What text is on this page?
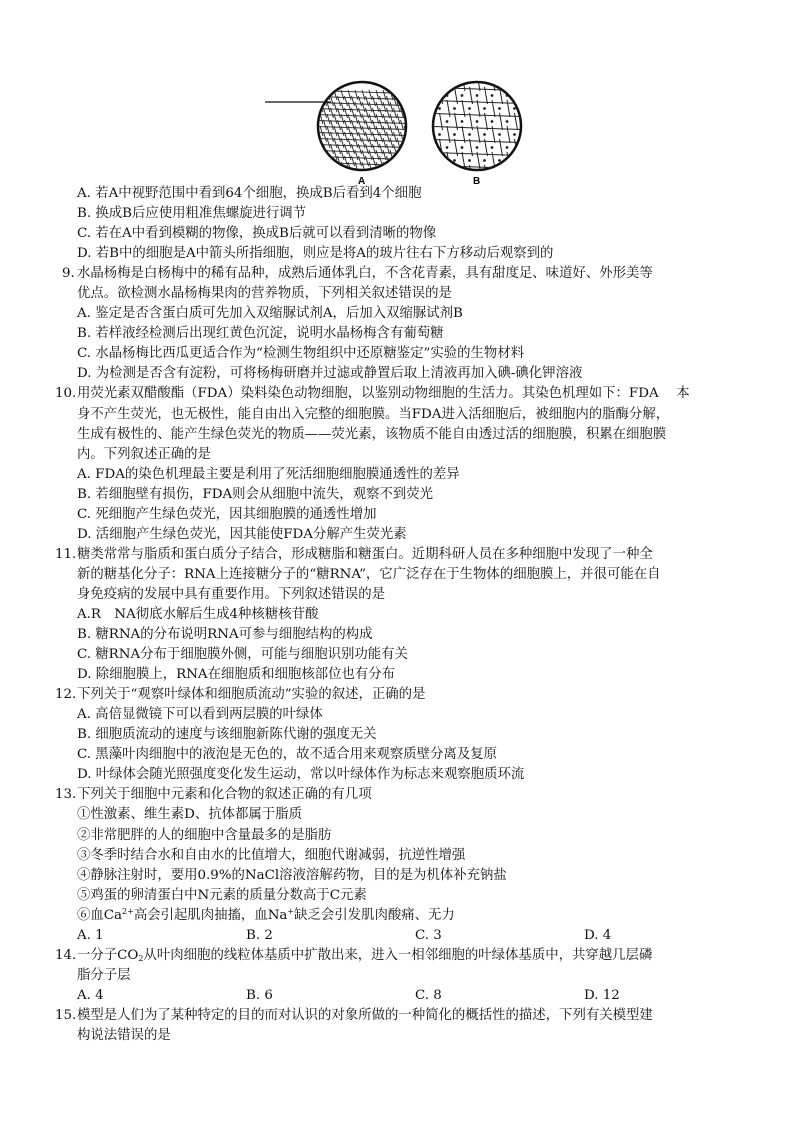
A	B
A. 若A中视野范围中看到64个细胞，换成B后看到4个细胞
B. 换成B后应使用粗准焦螺旋进行调节
C. 若在A中看到模糊的物像，换成B后就可以看到清晰的物像
D. 若B中的细胞是A中箭头所指细胞，则应是将A的玻片往右下方移动后观察到的
9. 水晶杨梅是白杨梅中的稀有品种，成熟后通体乳白，不含花青素，具有甜度足、味道好、外形美等
优点。欲检测水晶杨梅果肉的营养物质，下列相关叙述错误的是
A. 鉴定是否含蛋白质可先加入双缩脲试剂A，后加入双缩脲试剂B
B. 若样液经检测后出现红黄色沉淀，说明水晶杨梅含有葡萄糖
C. 水晶杨梅比西瓜更适合作为“检测生物组织中还原糖鉴定”实验的生物材料
D. 为检测是否含有淀粉，可将杨梅研磨并过滤或静置后取上清液再加入碘-碘化钾溶液
10.用荧光素双醋酸酯（FDA）染料染色动物细胞，以鉴别动物细胞的生活力。其染色机理如下：FDA　 本
身不产生荧光，也无极性，能自由出入完整的细胞膜。当FDA进入活细胞后，被细胞内的脂酶分解，
生成有极性的、能产生绿色荧光的物质——荧光素，该物质不能自由透过活的细胞膜，积累在细胞膜
内。下列叙述正确的是
A. FDA的染色机理最主要是利用了死活细胞细胞膜通透性的差异
B. 若细胞壁有损伤，FDA则会从细胞中流失，观察不到荧光
C. 死细胞产生绿色荧光，因其细胞膜的通透性增加
D. 活细胞产生绿色荧光，因其能使FDA分解产生荧光素
11.糖类常常与脂质和蛋白质分子结合，形成糖脂和糖蛋白。近期科研人员在多种细胞中发现了一种全
新的糖基化分子：RNA上连接糖分子的“糖RNA”，它广泛存在于生物体的细胞膜上，并很可能在自
身免疫病的发展中具有重要作用。下列叙述错误的是
A.R　NA彻底水解后生成4种核糖核苷酸
B. 糖RNA的分布说明RNA可参与细胞结构的构成
C. 糖RNA分布于细胞膜外侧，可能与细胞识别功能有关
D. 除细胞膜上，RNA在细胞质和细胞核部位也有分布
12.下列关于“观察叶绿体和细胞质流动”实验的叙述，正确的是
A. 高倍显微镜下可以看到两层膜的叶绿体
B. 细胞质流动的速度与该细胞新陈代谢的强度无关
C. 黑藻叶肉细胞中的液泡是无色的，故不适合用来观察质壁分离及复原
D. 叶绿体会随光照强度变化发生运动，常以叶绿体作为标志来观察胞质环流
13.下列关于细胞中元素和化合物的叙述正确的有几项
①性激素、维生素D、抗体都属于脂质
②非常肥胖的人的细胞中含量最多的是脂肪
③冬季时结合水和自由水的比值增大，细胞代谢减弱，抗逆性增强
④静脉注射时，要用0.9%的NaCl溶液溶解药物，目的是为机体补充钠盐
⑤鸡蛋的卵清蛋白中N元素的质量分数高于C元素
⑥血$Ca^{2+}$高会引起肌肉抽搐，血Na+缺乏会引发肌肉酸痛、无力
A. 1	B. 2	C. 3	D. 4
14.一分子$CO_2$从叶肉细胞的线粒体基质中扩散出来，进入一相邻细胞的叶绿体基质中，共穿越几层磷
脂分子层
A. 4	B. 6	C. 8	D. 12
15.模型是人们为了某种特定的目的而对认识的对象所做的一种简化的概括性的描述，下列有关模型建
构说法错误的是
